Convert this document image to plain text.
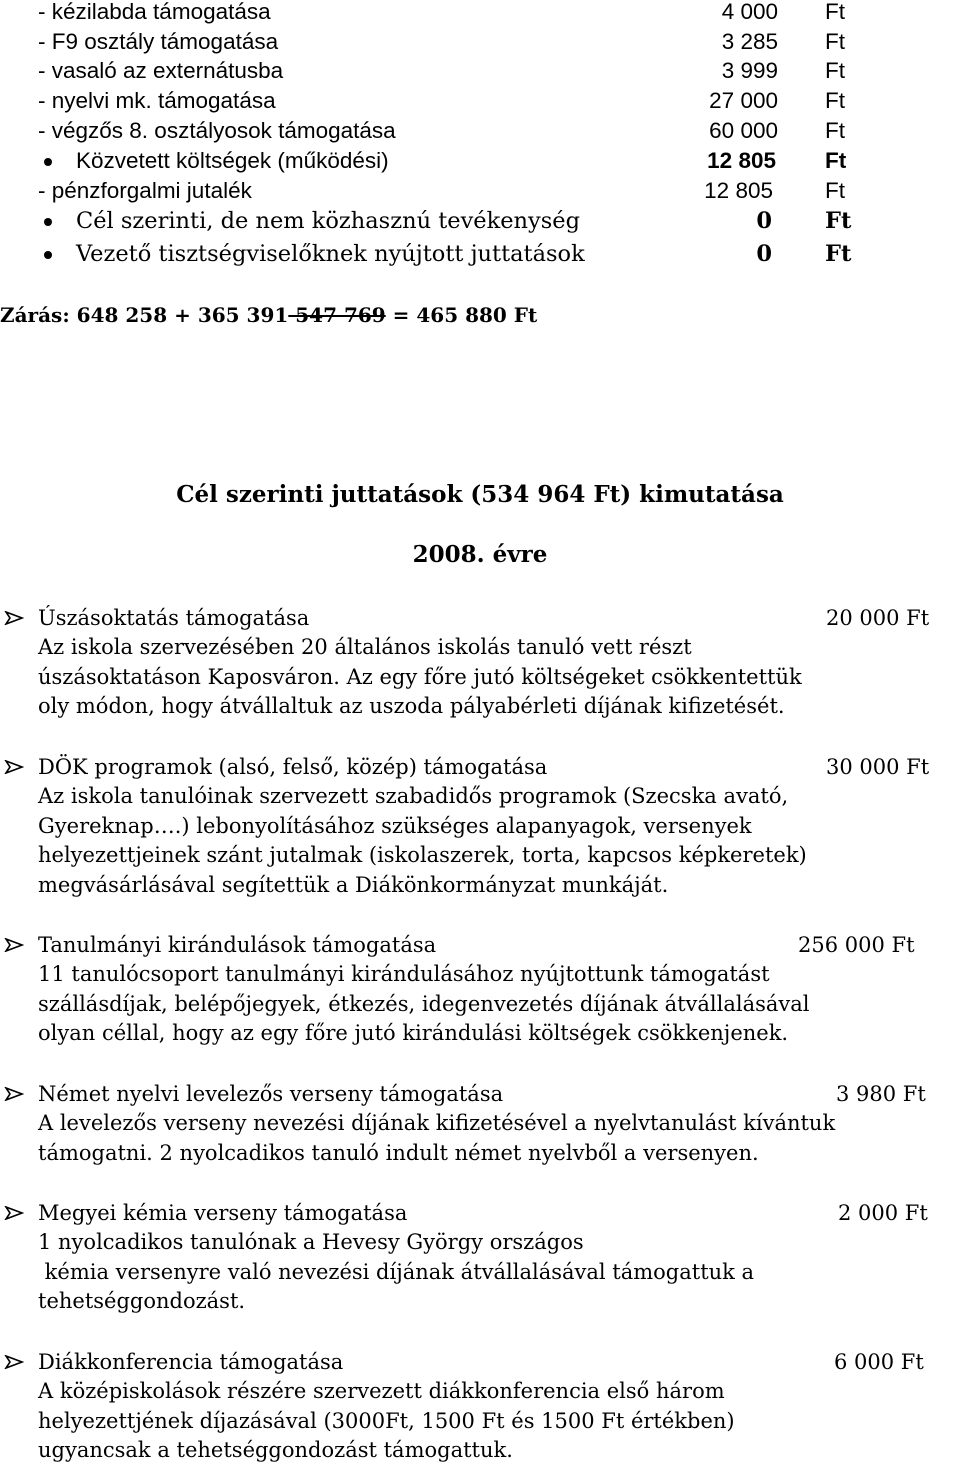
- kézilabda támogatása	4 000 Ft
- F9 osztály támogatása	3 285 Ft
- vasaló az externátusba	3 999 Ft
- nyelvi mk. támogatása	27 000 Ft
- végzős 8. osztályosok támogatása	60 000 Ft
Közvetett költségek (működési)	12 805 Ft
- pénzforgalmi jutalék	12 805 Ft
Cél szerinti, de nem közhasznú tevékenység	0 Ft
Vezető tisztségviselőknek nyújtott juttatások	0 Ft
Zárás: 648 258 + 365 391 547 769 = 465 880 Ft
Cél szerinti juttatások (534 964 Ft) kimutatása
2008. évre
Úszásoktatás támogatása	20 000 Ft
Az iskola szervezésében 20 általános iskolás tanuló vett részt
úszásoktatáson Kaposváron. Az egy főre jutó költségeket csökkentettük
oly módon, hogy átvállaltuk az uszoda pályabérleti díjának kifizetését.
DÖK programok (alsó, felső, közép) támogatása	30 000 Ft
Az iskola tanulóinak szervezett szabadidős programok (Szecska avató,
Gyereknap….) lebonyolításához szükséges alapanyagok, versenyek
helyezettjeinek szánt jutalmak (iskolaszerek, torta, kapcsos képkeretek)
megvásárlásával segítettük a Diákönkormányzat munkáját.
Tanulmányi kirándulások támogatása	256 000 Ft
11 tanulócsoport tanulmányi kirándulásához nyújtottunk támogatást
szállásdíjak, belépőjegyek, étkezés, idegenvezetés díjának átvállalásával
olyan céllal, hogy az egy főre jutó kirándulási költségek csökkenjenek.
Német nyelvi levelezős verseny támogatása	3 980 Ft
A levelezős verseny nevezési díjának kifizetésével a nyelvtanulást kívántuk
támogatni. 2 nyolcadikos tanuló indult német nyelvből a versenyen.
Megyei kémia verseny támogatása	2 000 Ft
1 nyolcadikos tanulónak a Hevesy György országos
kémia versenyre való nevezési díjának átvállalásával támogattuk a
tehetséggondozást.
Diákkonferencia támogatása	6 000 Ft
A középiskolások részére szervezett diákkonferencia első három
helyezettjének díjazásával (3000Ft, 1500 Ft és 1500 Ft értékben)
ugyancsak a tehetséggondozást támogattuk.
